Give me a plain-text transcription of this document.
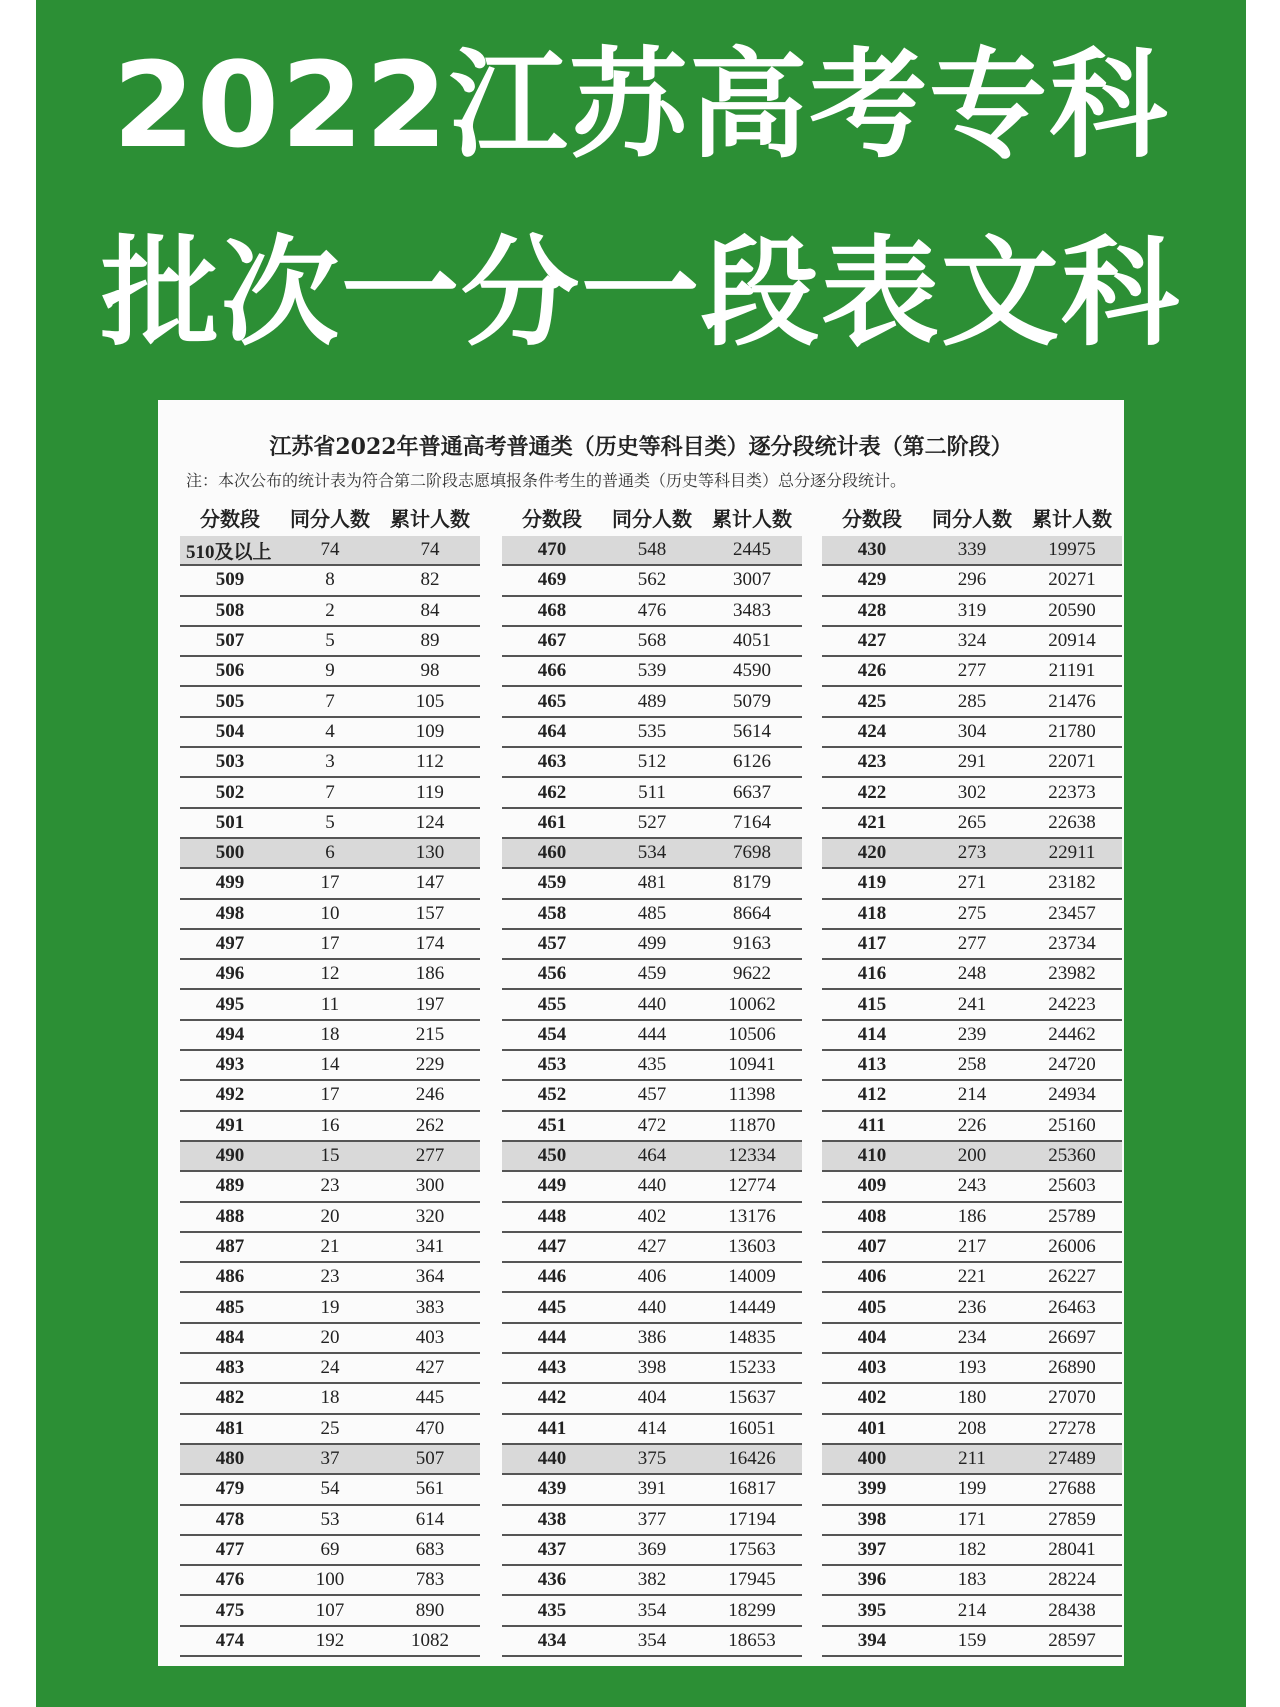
2022江苏高考专科
批次一分一段表文科
江苏省2022年普通高考普通类（历史等科目类）逐分段统计表（第二阶段）
注：本次公布的统计表为符合第二阶段志愿填报条件考生的普通类（历史等科目类）总分逐分段统计。
分数段	同分人数	累计人数
510及以上	74	74
509	8	82
508	2	84
507	5	89
506	9	98
505	7	105
504	4	109
503	3	112
502	7	119
501	5	124
500	6	130
499	17	147
498	10	157
497	17	174
496	12	186
495	11	197
494	18	215
493	14	229
492	17	246
491	16	262
490	15	277
489	23	300
488	20	320
487	21	341
486	23	364
485	19	383
484	20	403
483	24	427
482	18	445
481	25	470
480	37	507
479	54	561
478	53	614
477	69	683
476	100	783
475	107	890
474	192	1082
分数段	同分人数	累计人数
470	548	2445
469	562	3007
468	476	3483
467	568	4051
466	539	4590
465	489	5079
464	535	5614
463	512	6126
462	511	6637
461	527	7164
460	534	7698
459	481	8179
458	485	8664
457	499	9163
456	459	9622
455	440	10062
454	444	10506
453	435	10941
452	457	11398
451	472	11870
450	464	12334
449	440	12774
448	402	13176
447	427	13603
446	406	14009
445	440	14449
444	386	14835
443	398	15233
442	404	15637
441	414	16051
440	375	16426
439	391	16817
438	377	17194
437	369	17563
436	382	17945
435	354	18299
434	354	18653
分数段	同分人数	累计人数
430	339	19975
429	296	20271
428	319	20590
427	324	20914
426	277	21191
425	285	21476
424	304	21780
423	291	22071
422	302	22373
421	265	22638
420	273	22911
419	271	23182
418	275	23457
417	277	23734
416	248	23982
415	241	24223
414	239	24462
413	258	24720
412	214	24934
411	226	25160
410	200	25360
409	243	25603
408	186	25789
407	217	26006
406	221	26227
405	236	26463
404	234	26697
403	193	26890
402	180	27070
401	208	27278
400	211	27489
399	199	27688
398	171	27859
397	182	28041
396	183	28224
395	214	28438
394	159	28597
